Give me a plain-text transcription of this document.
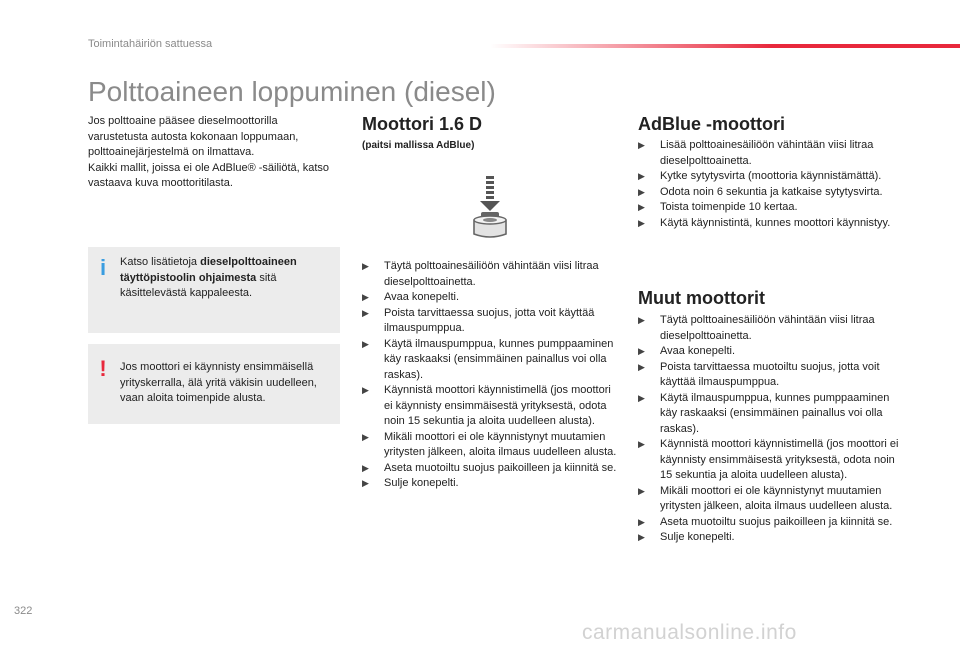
Toimintahäiriön sattuessa
Polttoaineen loppuminen (diesel)

Jos polttoaine pääsee dieselmoottorilla varustetusta autosta kokonaan loppumaan, polttoainejärjestelmä on ilmattava.

Kaikki mallit, joissa ei ole AdBlue® -säiliötä, katso vastaava kuva moottoritilasta.

i	Katso lisätietoja dieselpolttoaineen täyttöpistoolin ohjaimesta sitä käsittelevästä kappaleesta.
!	Jos moottori ei käynnisty ensimmäisellä yrityskerralla, älä yritä väkisin uudelleen, vaan aloita toimenpide alusta.
Moottori 1.6 D
(paitsi mallissa AdBlue)
▶ Täytä polttoainesäiliöön vähintään viisi litraa dieselpolttoainetta.
▶ Avaa konepelti.
▶ Poista tarvittaessa suojus, jotta voit käyttää ilmauspumppua.
▶ Käytä ilmauspumppua, kunnes pumppaaminen käy raskaaksi (ensimmäinen painallus voi olla raskas).
▶ Käynnistä moottori käynnistimellä (jos moottori ei käynnisty ensimmäisestä yrityksestä, odota noin 15 sekuntia ja aloita uudelleen alusta).
▶ Mikäli moottori ei ole käynnistynyt muutamien yritysten jälkeen, aloita ilmaus uudelleen alusta.
▶ Aseta muotoiltu suojus paikoilleen ja kiinnitä se.
▶ Sulje konepelti.
AdBlue -moottori
▶ Lisää polttoainesäiliöön vähintään viisi litraa dieselpolttoainetta.
▶ Kytke sytytysvirta (moottoria käynnistämättä).
▶ Odota noin 6 sekuntia ja katkaise sytytysvirta.
▶ Toista toimenpide 10 kertaa.
▶ Käytä käynnistintä, kunnes moottori käynnistyy.
Muut moottorit
▶ Täytä polttoainesäiliöön vähintään viisi litraa dieselpolttoainetta.
▶ Avaa konepelti.
▶ Poista tarvittaessa muotoiltu suojus, jotta voit käyttää ilmauspumppua.
▶ Käytä ilmauspumppua, kunnes pumppaaminen käy raskaaksi (ensimmäinen painallus voi olla raskas).
▶ Käynnistä moottori käynnistimellä (jos moottori ei käynnisty ensimmäisestä yrityksestä, odota noin 15 sekuntia ja aloita uudelleen alusta).
▶ Mikäli moottori ei ole käynnistynyt muutamien yritysten jälkeen, aloita ilmaus uudelleen alusta.
▶ Aseta muotoiltu suojus paikoilleen ja kiinnitä se.
▶ Sulje konepelti.
322
carmanualsonline.info
